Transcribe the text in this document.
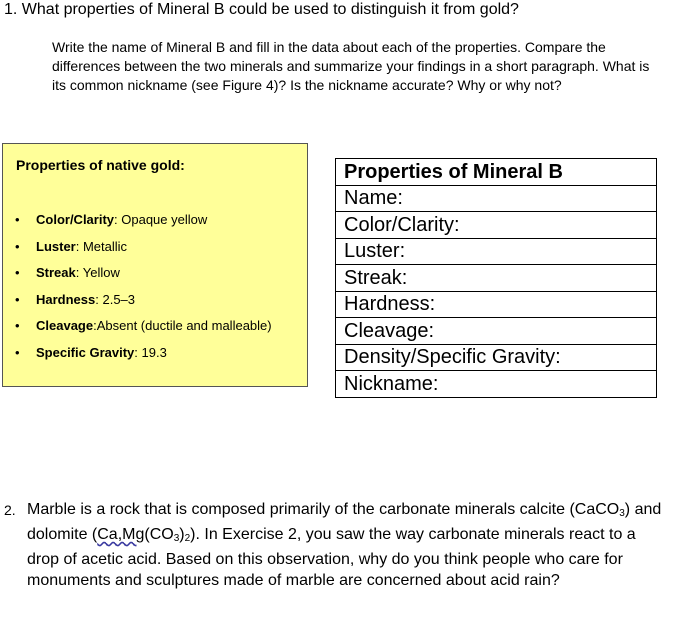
1. What properties of Mineral B could be used to distinguish it from gold?
Write the name of Mineral B and fill in the data about each of the properties. Compare the differences between the two minerals and summarize your findings in a short paragraph. What is its common nickname (see Figure 4)? Is the nickname accurate? Why or why not?
Properties of native gold:
• Color/Clarity: Opaque yellow
• Luster: Metallic
• Streak: Yellow
• Hardness: 2.5–3
• Cleavage:Absent (ductile and malleable)
• Specific Gravity: 19.3
Properties of Mineral B
Name:
Color/Clarity:
Luster:
Streak:
Hardness:
Cleavage:
Density/Specific Gravity:
Nickname:
2. Marble is a rock that is composed primarily of the carbonate minerals calcite (CaCO$_3$) and dolomite $(Ca,Mg(CO_3)_2)$. In Exercise 2, you saw the way carbonate minerals react to a drop of acetic acid. Based on this observation, why do you think people who care for monuments and sculptures made of marble are concerned about acid rain?
